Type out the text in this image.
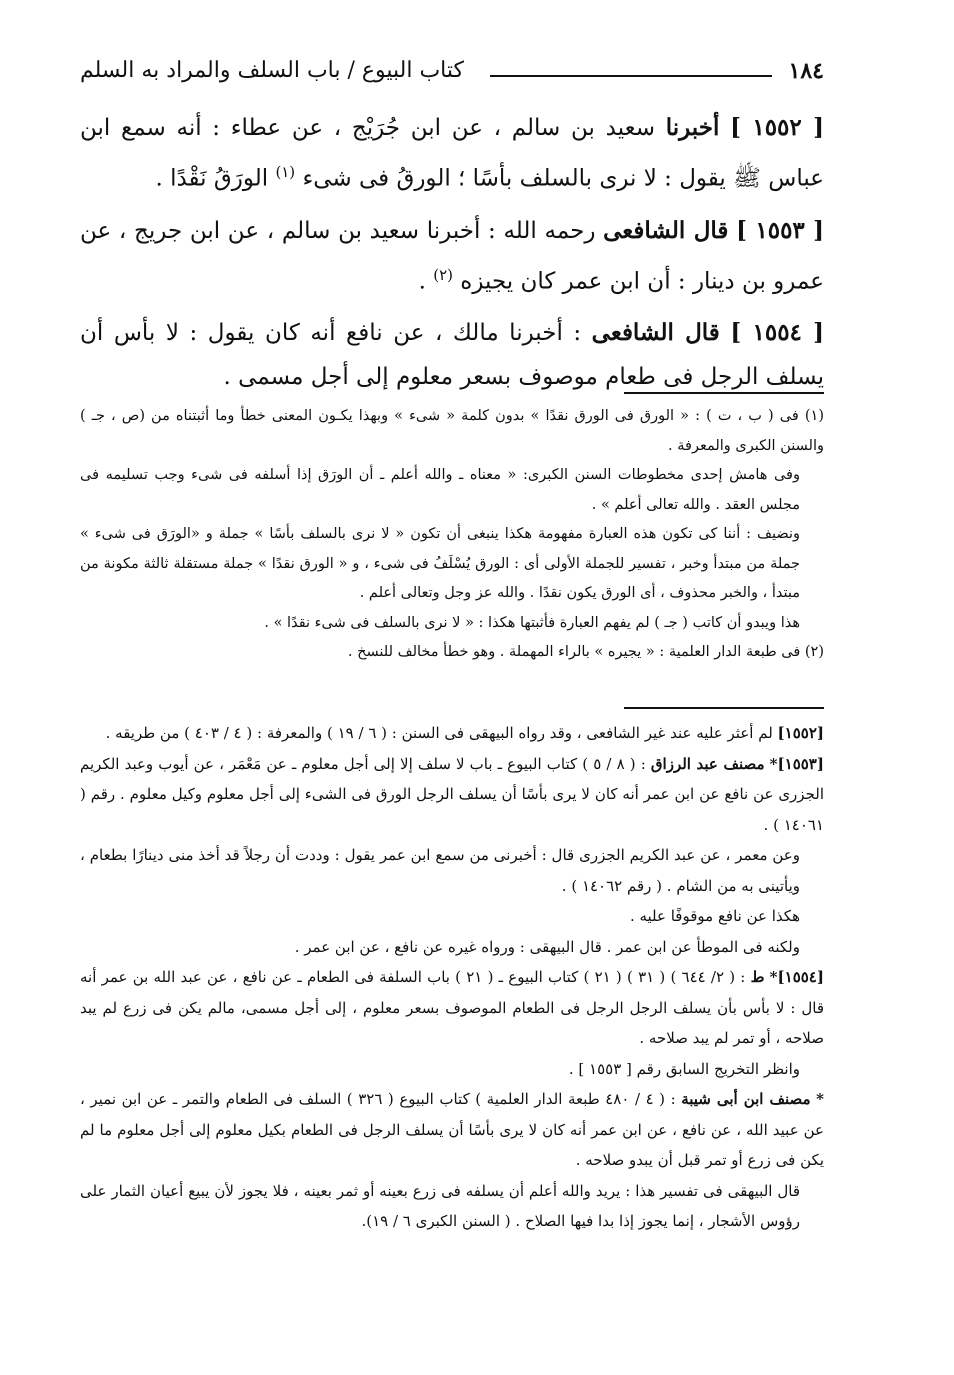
١٨٤
كتاب البيوع / باب السلف والمراد به السلم

[ ١٥٥٢ ] أخبرنا سعيد بن سالم ، عن ابن جُرَيْج ، عن عطاء : أنه سمع ابن عباس ﷺ يقول : لا نرى بالسلف بأسًا ؛ الورقُ فى شىء $^{(١)}$ الورَقُ نَقْدًا .

[ ١٥٥٣ ] قال الشافعى رحمه الله : أخبرنا سعيد بن سالم ، عن ابن جريج ، عن عمرو بن دينار : أن ابن عمر كان يجيزه $^{(٢)}$ .

[ ١٥٥٤ ] قال الشافعى : أخبرنا مالك ، عن نافع أنه كان يقول : لا بأس أن يسلف الرجل فى طعام موصوف بسعر معلوم إلى أجل مسمى .

(١) فى ( ب ، ت ) : « الورق فى الورق نقدًا » بدون كلمة « شىء » وبهذا يكـون المعنى خطأ وما أثبتناه من (ص ، جـ ) والسنن الكبرى والمعرفة .

وفى هامش إحدى مخطوطات السنن الكبرى: « معناه ـ والله أعلم ـ أن الورَق إذا أسلفه فى شىء وجب تسليمه فى مجلس العقد . والله تعالى أعلم » .

ونضيف : أننا كى تكون هذه العبارة مفهومة هكذا ينبغى أن تكون « لا نرى بالسلف بأسًا » جملة و «الورَق فى شىء » جملة من مبتدأ وخبر ، تفسير للجملة الأولى أى : الورق يُسْلَفُ فى شىء ، و « الورق نقدًا » جملة مستقلة ثالثة مكونة من مبتدأ ، والخبر محذوف ، أى الورق يكون نقدًا . والله عز وجل وتعالى أعلم .

هذا ويبدو أن كاتب ( جـ ) لم يفهم العبارة فأثبتها هكذا : « لا نرى بالسلف فى شىء نقدًا » .

(٢) فى طبعة الدار العلمية : « يجيره » بالراء المهملة . وهو خطأ مخالف للنسخ .

[١٥٥٢] لم أعثر عليه عند غير الشافعى ، وقد رواه البيهقى فى السنن : ( ٦ / ١٩ ) والمعرفة : ( ٤ / ٤٠٣ ) من طريقه .

[١٥٥٣]* مصنف عبد الرزاق : ( ٨ / ٥ ) كتاب البيوع ـ باب لا سلف إلا إلى أجل معلوم ـ عن مَعْمَر ، عن أيوب وعبد الكريم الجزرى عن نافع عن ابن عمر أنه كان لا يرى بأسًا أن يسلف الرجل الورق فى الشىء إلى أجل معلوم وكيل معلوم . رقم ( ١٤٠٦١ ) .

وعن معمر ، عن عبد الكريم الجزرى قال : أخبرنى من سمع ابن عمر يقول : وددت أن رجلاً قد أخذ منى دينارًا بطعام ، ويأتينى به من الشام . ( رقم ١٤٠٦٢ ) .

هكذا عن نافع موقوفًا عليه .

ولكنه فى الموطأ عن ابن عمر . قال البيهقى : ورواه غيره عن نافع ، عن ابن عمر .

[١٥٥٤]* ط : ( ٢/ ٦٤٤ ) ( ٣١ ) ( ٢١ ) كتاب البيوع ـ ( ٢١ ) باب السلفة فى الطعام ـ عن نافع ، عن عبد الله بن عمر أنه قال : لا بأس بأن يسلف الرجل الرجل فى الطعام الموصوف بسعر معلوم ، إلى أجل مسمى، مالم يكن فى زرع لم يبد صلاحه ، أو تمر لم يبد صلاحه .

وانظر التخريج السابق رقم [ ١٥٥٣ ] .

* مصنف ابن أبى شيبة : ( ٤ / ٤٨٠ طبعة الدار العلمية ) كتاب البيوع ( ٣٢٦ ) السلف فى الطعام والتمر ـ عن ابن نمير ، عن عبيد الله ، عن نافع ، عن ابن عمر أنه كان لا يرى بأسًا أن يسلف الرجل فى الطعام بكيل معلوم إلى أجل معلوم ما لم يكن فى زرع أو تمر قبل أن يبدو صلاحه .

قال البيهقى فى تفسير هذا : يريد والله أعلم أن يسلفه فى زرع بعينه أو ثمر بعينه ، فلا يجوز لأن يبيع أعيان الثمار على رؤوس الأشجار ، إنما يجوز إذا بدا فيها الصلاح . ( السنن الكبرى ٦ / ١٩).
